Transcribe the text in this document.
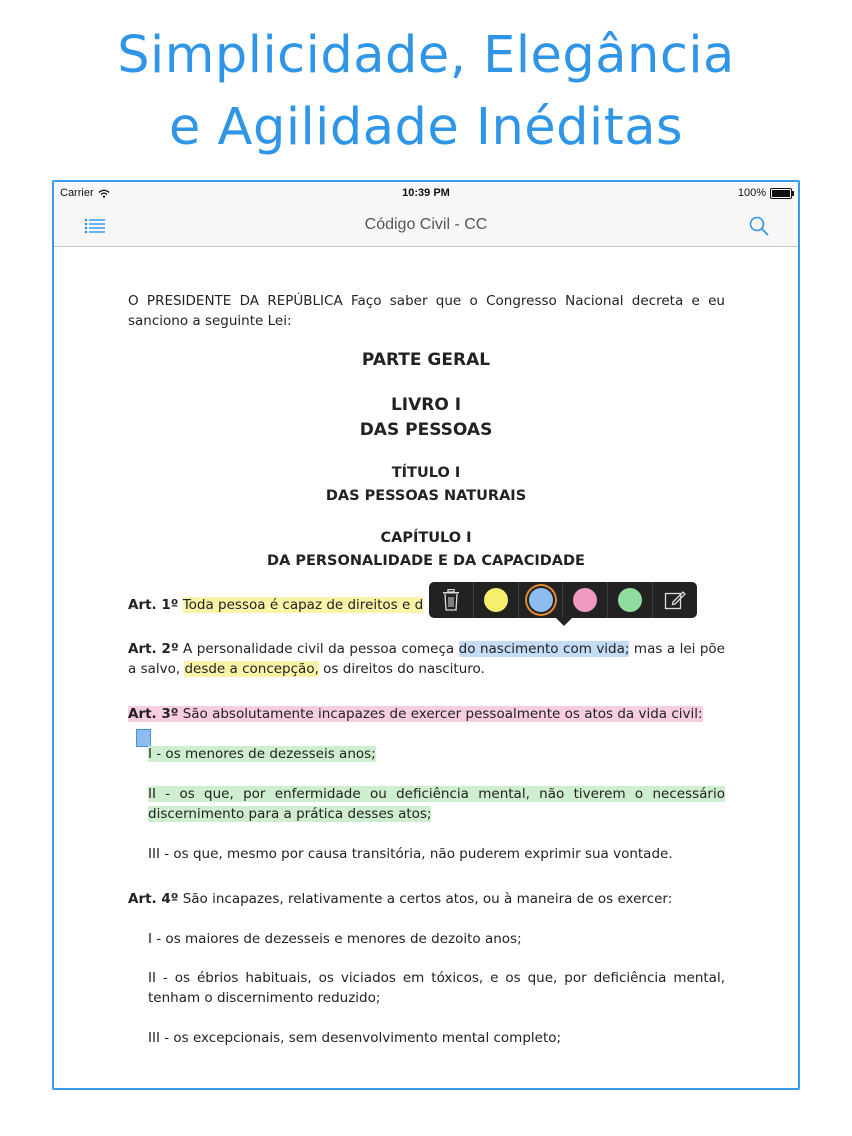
Simplicidade, Elegância
e Agilidade Inéditas
Carrier	10:39 PM	100%
Código Civil - CC
O PRESIDENTE DA REPÚBLICA Faço saber que o Congresso Nacional decreta e eu sanciono a seguinte Lei:
PARTE GERAL
LIVRO I
DAS PESSOAS
TÍTULO I
DAS PESSOAS NATURAIS
CAPÍTULO I
DA PERSONALIDADE E DA CAPACIDADE
Art. 1º Toda pessoa é capaz de direitos e d
Art. 2º A personalidade civil da pessoa começa do nascimento com vida; mas a lei põe a salvo, desde a concepção, os direitos do nascituro.
Art. 3º São absolutamente incapazes de exercer pessoalmente os atos da vida civil:
I - os menores de dezesseis anos;
II - os que, por enfermidade ou deficiência mental, não tiverem o necessário discernimento para a prática desses atos;
III - os que, mesmo por causa transitória, não puderem exprimir sua vontade.
Art. 4º São incapazes, relativamente a certos atos, ou à maneira de os exercer:
I - os maiores de dezesseis e menores de dezoito anos;
II - os ébrios habituais, os viciados em tóxicos, e os que, por deficiência mental, tenham o discernimento reduzido;
III - os excepcionais, sem desenvolvimento mental completo;
